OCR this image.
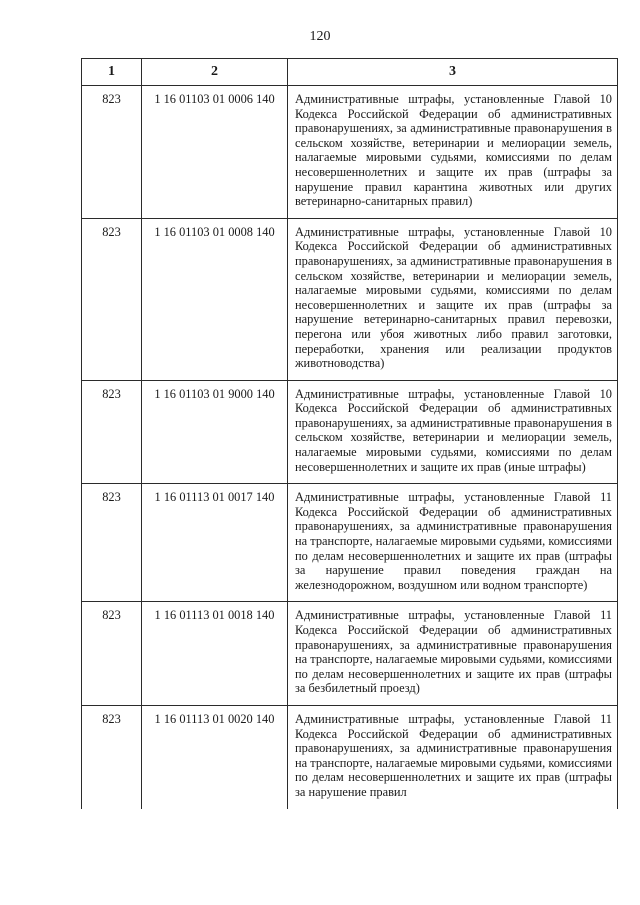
120
1	2	3
823	1 16 01103 01 0006 140	Административные штрафы, установленные Главой 10 Кодекса Российской Федерации об административных правонарушениях, за административные правонарушения в сельском хозяйстве, ветеринарии и мелиорации земель, налагаемые мировыми судьями, комиссиями по делам несовершеннолетних и защите их прав (штрафы за нарушение правил карантина животных или других ветеринарно-санитарных правил)
823	1 16 01103 01 0008 140	Административные штрафы, установленные Главой 10 Кодекса Российской Федерации об административных правонарушениях, за административные правонарушения в сельском хозяйстве, ветеринарии и мелиорации земель, налагаемые мировыми судьями, комиссиями по делам несовершеннолетних и защите их прав (штрафы за нарушение ветеринарно-санитарных правил перевозки, перегона или убоя животных либо правил заготовки, переработки, хранения или реализации продуктов животноводства)
823	1 16 01103 01 9000 140	Административные штрафы, установленные Главой 10 Кодекса Российской Федерации об административных правонарушениях, за административные правонарушения в сельском хозяйстве, ветеринарии и мелиорации земель, налагаемые мировыми судьями, комиссиями по делам несовершеннолетних и защите их прав (иные штрафы)
823	1 16 01113 01 0017 140	Административные штрафы, установленные Главой 11 Кодекса Российской Федерации об административных правонарушениях, за административные правонарушения на транспорте, налагаемые мировыми судьями, комиссиями по делам несовершеннолетних и защите их прав (штрафы за нарушение правил поведения граждан на железнодорожном, воздушном или водном транспорте)
823	1 16 01113 01 0018 140	Административные штрафы, установленные Главой 11 Кодекса Российской Федерации об административных правонарушениях, за административные правонарушения на транспорте, налагаемые мировыми судьями, комиссиями по делам несовершеннолетних и защите их прав (штрафы за безбилетный проезд)
823	1 16 01113 01 0020 140	Административные штрафы, установленные Главой 11 Кодекса Российской Федерации об административных правонарушениях, за административные правонарушения на транспорте, налагаемые мировыми судьями, комиссиями по делам несовершеннолетних и защите их прав (штрафы за нарушение правил
